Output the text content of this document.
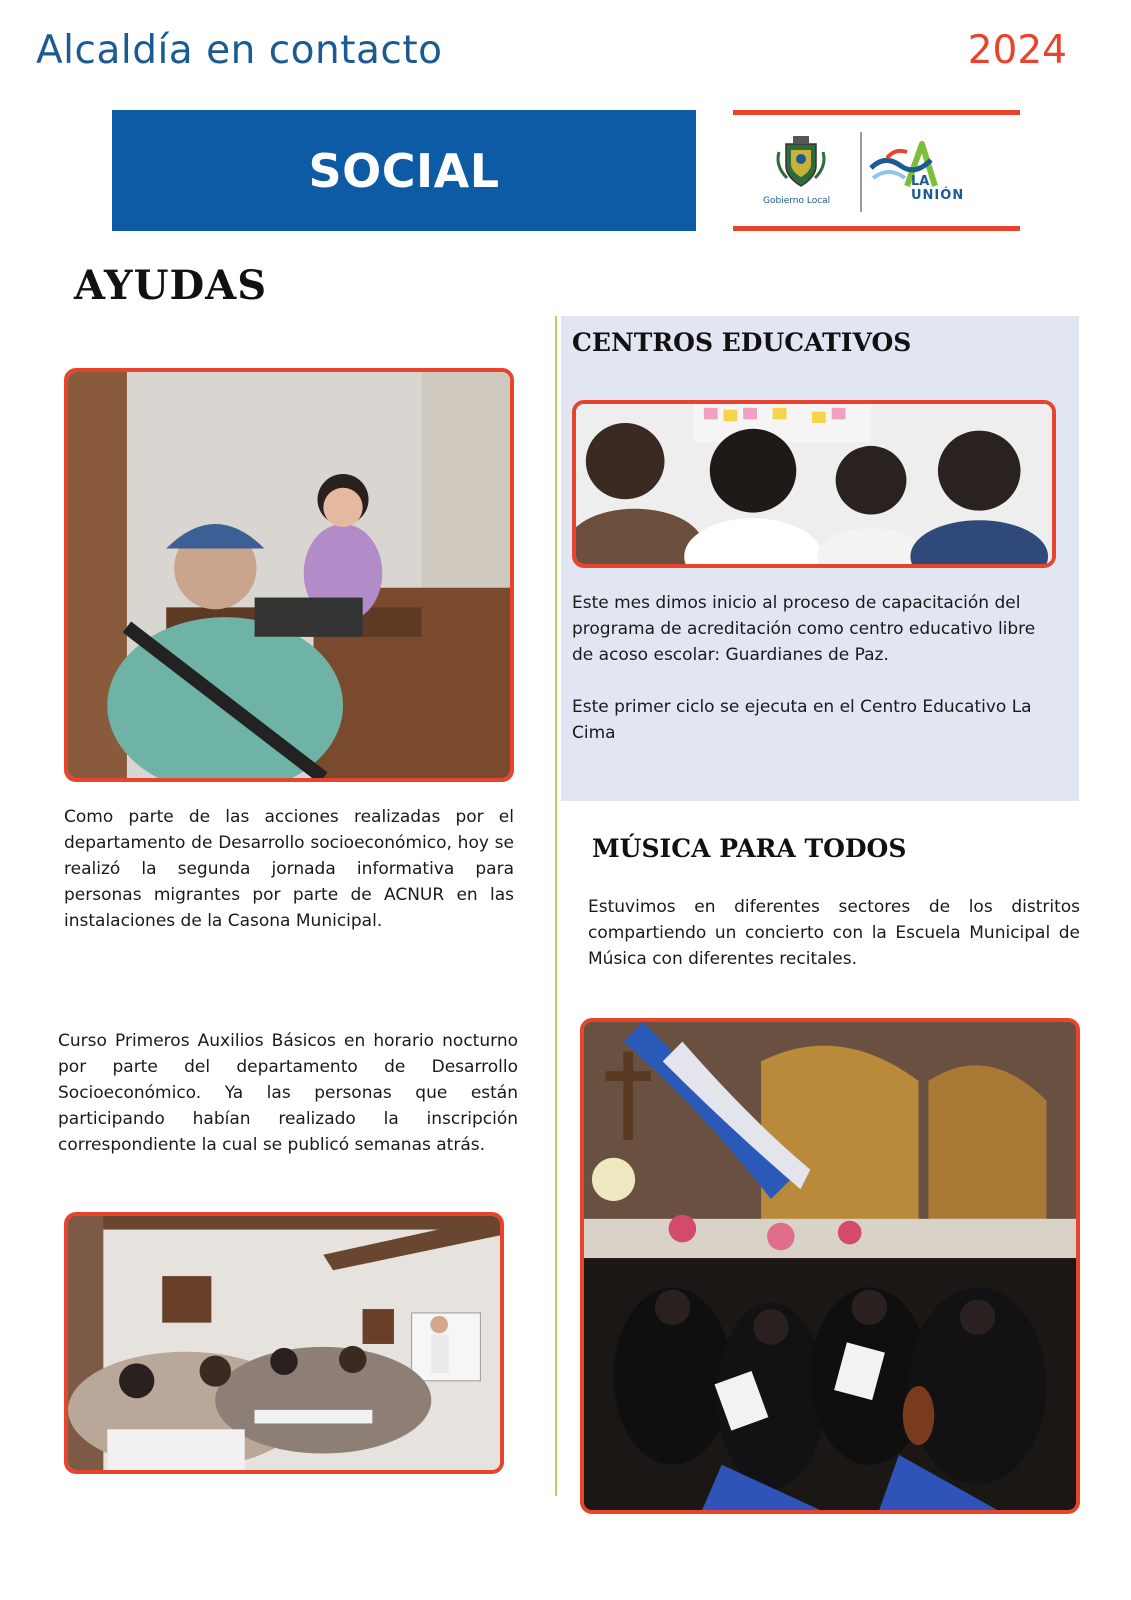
Alcaldía en contacto	2024
SOCIAL
Gobierno Local
LA
UNIÓN
AYUDAS
Como parte de las acciones realizadas por el departamento de Desarrollo socioeconómico, hoy se realizó la segunda jornada informativa para personas migrantes por parte de ACNUR en las instalaciones de la Casona Municipal.
Curso Primeros Auxilios Básicos en horario nocturno por parte del departamento de Desarrollo Socioeconómico. Ya las personas que están participando habían realizado la inscripción correspondiente la cual se publicó semanas atrás.
CENTROS EDUCATIVOS
Este mes dimos inicio al proceso de capacitación del programa de acreditación como centro educativo libre de acoso escolar: Guardianes de Paz.
Este primer ciclo se ejecuta en el Centro Educativo La Cima
MÚSICA PARA TODOS
Estuvimos en diferentes sectores de los distritos compartiendo un concierto con la Escuela Municipal de Música con diferentes recitales.
